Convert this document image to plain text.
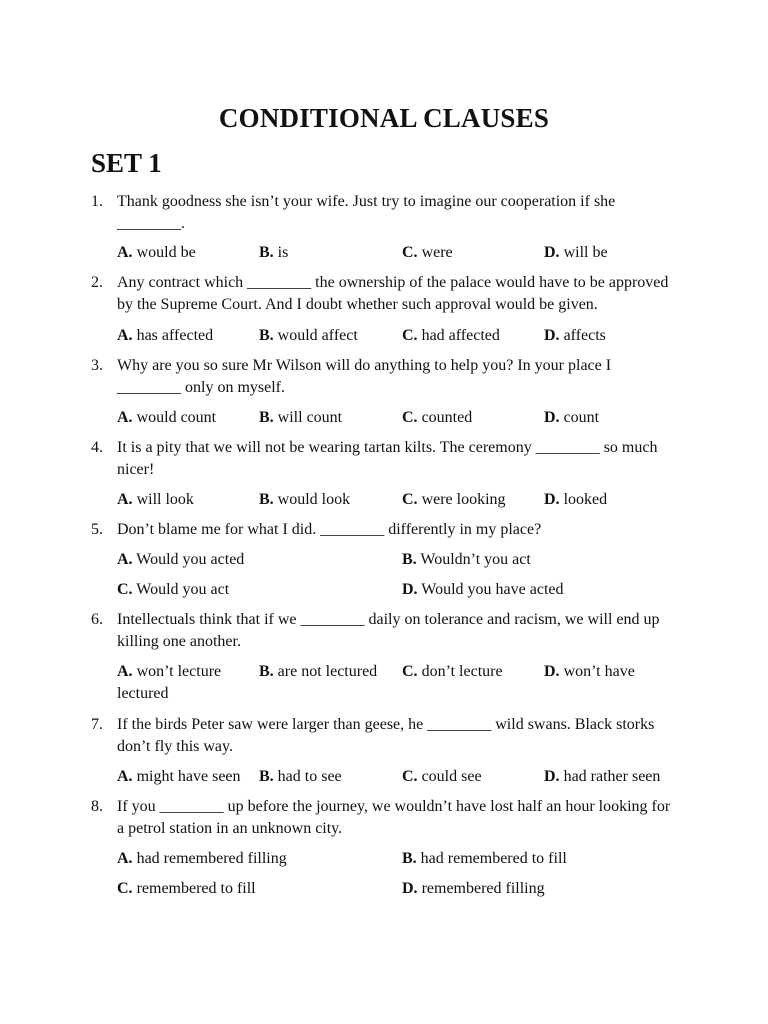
CONDITIONAL CLAUSES
SET 1
1. Thank goodness she isn’t your wife. Just try to imagine our cooperation if she ________.
A. would be	B. is	C. were	D. will be
2. Any contract which ________ the ownership of the palace would have to be approved by the Supreme Court. And I doubt whether such approval would be given.
A. has affected	B. would affect	C. had affected	D. affects
3. Why are you so sure Mr Wilson will do anything to help you? In your place I ________ only on myself.
A. would count	B. will count	C. counted	D. count
4. It is a pity that we will not be wearing tartan kilts. The ceremony ________ so much nicer!
A. will look	B. would look	C. were looking D. looked
5. Don’t blame me for what I did. ________ differently in my place?
A. Would you acted	B. Wouldn’t you act
C. Would you act	D. Would you have acted
6. Intellectuals think that if we ________ daily on tolerance and racism, we will end up killing one another.
A. won’t lecture B. are not lectured C. don’t lecture	D. won’t have
lectured
7. If the birds Peter saw were larger than geese, he ________ wild swans. Black storks don’t fly this way.
A. might have seen B. had to see	C. could see	D. had rather seen
8. If you ________ up before the journey, we wouldn’t have lost half an hour looking for a petrol station in an unknown city.
A. had remembered filling	B. had remembered to fill
C. remembered to fill	D. remembered filling
